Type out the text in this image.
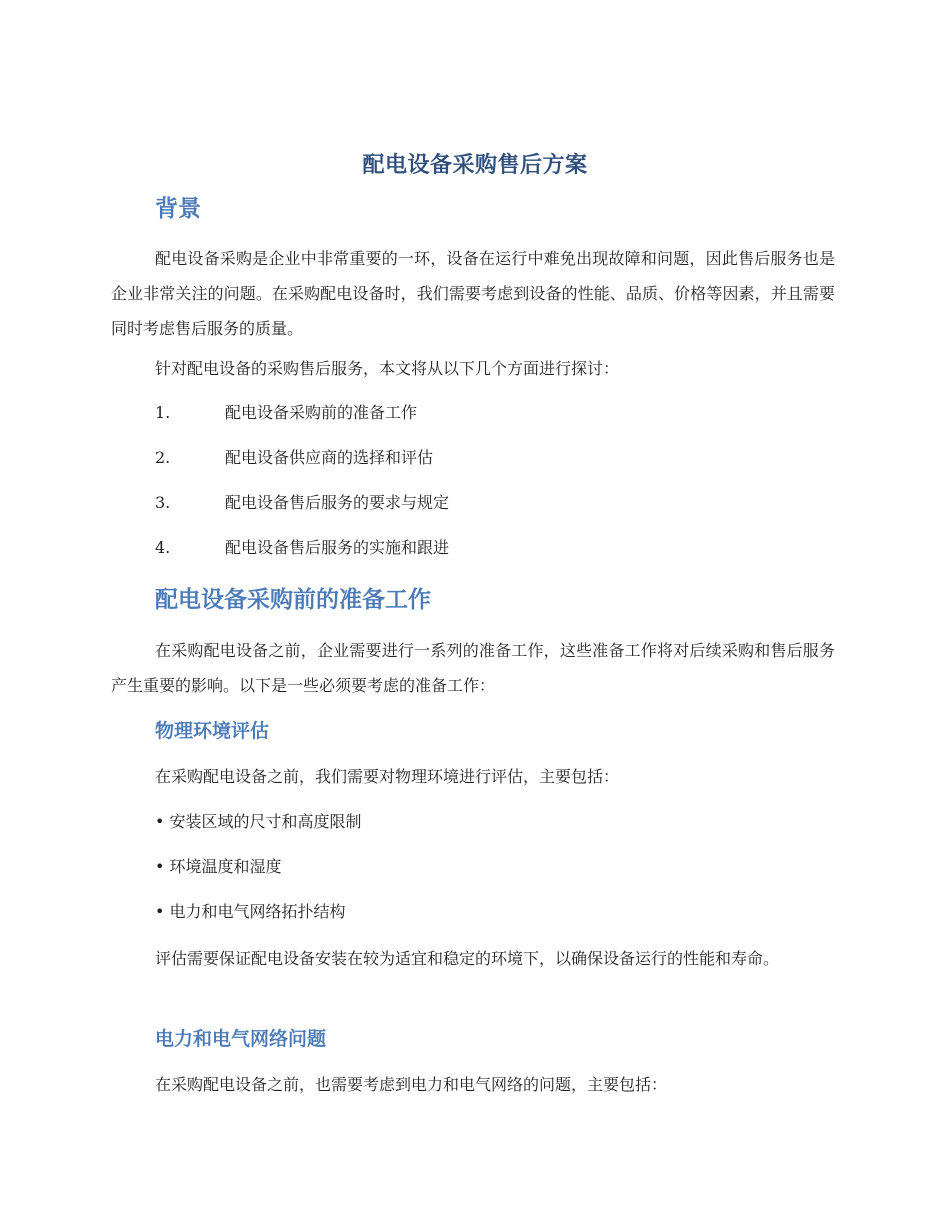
配电设备采购售后方案
背景

配电设备采购是企业中非常重要的一环，设备在运行中难免出现故障和问题，因此售后服务也是企业非常关注的问题。在采购配电设备时，我们需要考虑到设备的性能、品质、价格等因素，并且需要同时考虑售后服务的质量。

针对配电设备的采购售后服务，本文将从以下几个方面进行探讨：
1.	配电设备采购前的准备工作
2.	配电设备供应商的选择和评估
3.	配电设备售后服务的要求与规定
4.	配电设备售后服务的实施和跟进
配电设备采购前的准备工作

在采购配电设备之前，企业需要进行一系列的准备工作，这些准备工作将对后续采购和售后服务产生重要的影响。以下是一些必须要考虑的准备工作：

物理环境评估
在采购配电设备之前，我们需要对物理环境进行评估，主要包括：
• 安装区域的尺寸和高度限制
• 环境温度和湿度
• 电力和电气网络拓扑结构

评估需要保证配电设备安装在较为适宜和稳定的环境下，以确保设备运行的性能和寿命。

电力和电气网络问题
在采购配电设备之前，也需要考虑到电力和电气网络的问题，主要包括：
